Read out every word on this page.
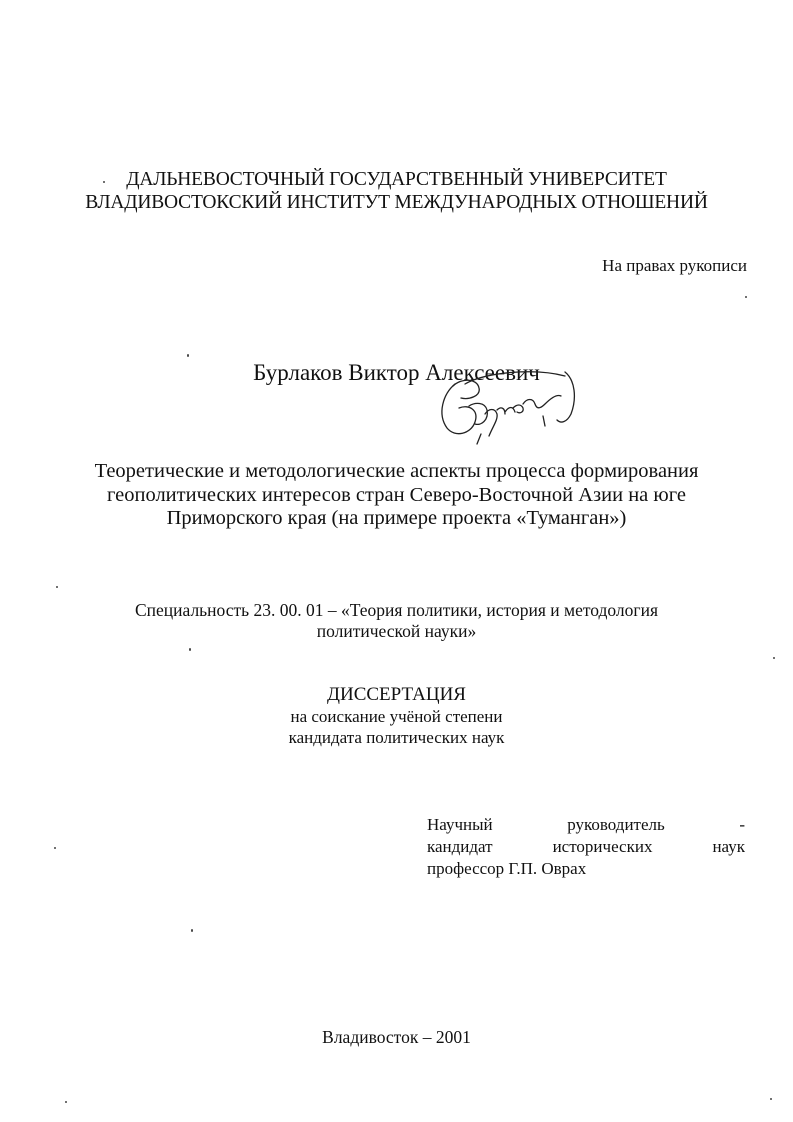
ДАЛЬНЕВОСТОЧНЫЙ ГОСУДАРСТВЕННЫЙ УНИВЕРСИТЕТ
ВЛАДИВОСТОКСКИЙ ИНСТИТУТ МЕЖДУНАРОДНЫХ ОТНОШЕНИЙ
На правах рукописи
Бурлаков Виктор Алексеевич
Теоретические и методологические аспекты процесса формирования
геополитических интересов стран Северо-Восточной Азии на юге
Приморского края (на примере проекта «Туманган»)
Специальность 23. 00. 01 – «Теория политики, история и методология
политической науки»
ДИССЕРТАЦИЯ
на соискание учёной степени
кандидата политических наук
Научный	руководитель	-
кандидат	исторических	наук
профессор Г.П. Оврах
Владивосток – 2001
